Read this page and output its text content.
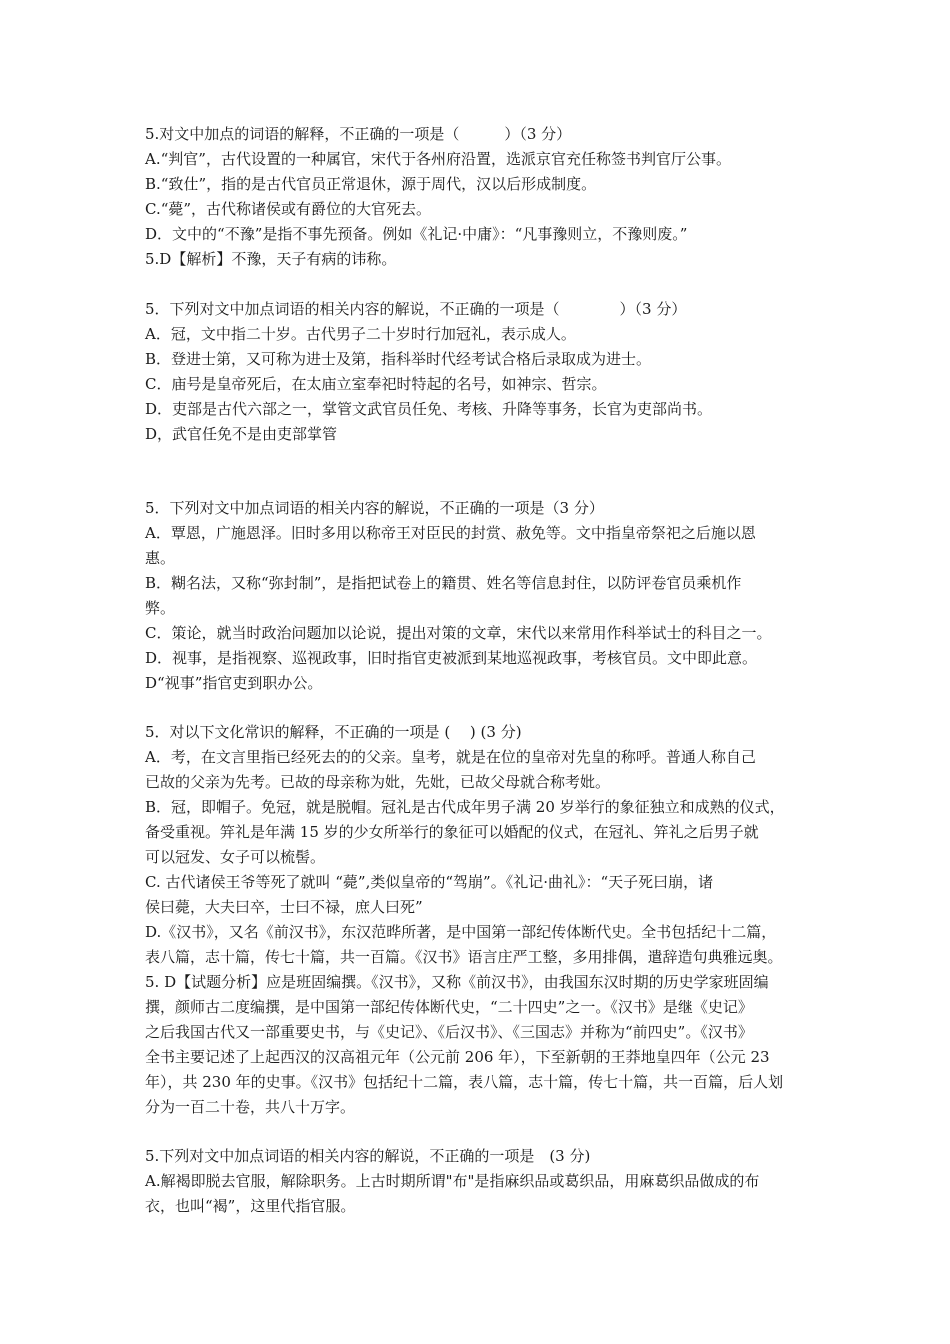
5.对文中加点的词语的解释，不正确的一项是（　　　）（3 分）
A.“判官”，古代设置的一种属官，宋代于各州府沿置，选派京官充任称签书判官厅公事。
B.“致仕”，指的是古代官员正常退休，源于周代，汉以后形成制度。
C.“薨”，古代称诸侯或有爵位的大官死去。
D．文中的“不豫”是指不事先预备。例如《礼记·中庸》：“凡事豫则立，不豫则废。”
5.D【解析】不豫，天子有病的讳称。
5．下列对文中加点词语的相关内容的解说，不正确的一项是（　　　　）（3 分）
A．冠，文中指二十岁。古代男子二十岁时行加冠礼，表示成人。
B．登进士第，又可称为进士及第，指科举时代经考试合格后录取成为进士。
C．庙号是皇帝死后，在太庙立室奉祀时特起的名号，如神宗、哲宗。
D．吏部是古代六部之一，掌管文武官员任免、考核、升降等事务，长官为吏部尚书。
D，武官任免不是由吏部掌管
5．下列对文中加点词语的相关内容的解说，不正确的一项是（3 分）
A．覃恩，广施恩泽。旧时多用以称帝王对臣民的封赏、赦免等。文中指皇帝祭祀之后施以恩
惠。
B．糊名法，又称“弥封制”，是指把试卷上的籍贯、姓名等信息封住，以防评卷官员乘机作
弊。
C．策论，就当时政治问题加以论说，提出对策的文章，宋代以来常用作科举试士的科目之一。
D．视事，是指视察、巡视政事，旧时指官吏被派到某地巡视政事，考核官员。文中即此意。
D“视事”指官吏到职办公。
5．对以下文化常识的解释，不正确的一项是 (　 ) (3 分)
A．考，在文言里指已经死去的的父亲。皇考，就是在位的皇帝对先皇的称呼。普通人称自己
已故的父亲为先考。已故的母亲称为妣，先妣，已故父母就合称考妣。
B．冠，即帽子。免冠，就是脱帽。冠礼是古代成年男子满 20 岁举行的象征独立和成熟的仪式，
备受重视。笄礼是年满 15 岁的少女所举行的象征可以婚配的仪式，在冠礼、笄礼之后男子就
可以冠发、女子可以梳髻。
C. 古代诸侯王爷等死了就叫 “薨”,类似皇帝的“驾崩”。《礼记·曲礼》：“天子死曰崩，诸
侯曰薨，大夫曰卒，士曰不禄，庶人曰死”
D.《汉书》，又名《前汉书》，东汉范晔所著，是中国第一部纪传体断代史。全书包括纪十二篇，
表八篇，志十篇，传七十篇，共一百篇。《汉书》语言庄严工整，多用排偶，遣辞造句典雅远奥。
5. D【试题分析】应是班固编撰。《汉书》，又称《前汉书》，由我国东汉时期的历史学家班固编
撰，颜师古二度编撰，是中国第一部纪传体断代史，“二十四史”之一。《汉书》是继《史记》
之后我国古代又一部重要史书，与《史记》、《后汉书》、《三国志》并称为“前四史”。《汉书》
全书主要记述了上起西汉的汉高祖元年（公元前 206 年），下至新朝的王莽地皇四年（公元 23
年），共 230 年的史事。《汉书》包括纪十二篇，表八篇，志十篇，传七十篇，共一百篇，后人划
分为一百二十卷，共八十万字。
5.下列对文中加点词语的相关内容的解说，不正确的一项是　(3 分)
A.解褐即脱去官服，解除职务。上古时期所谓"布"是指麻织品或葛织品，用麻葛织品做成的布
衣，也叫“褐”，这里代指官服。
